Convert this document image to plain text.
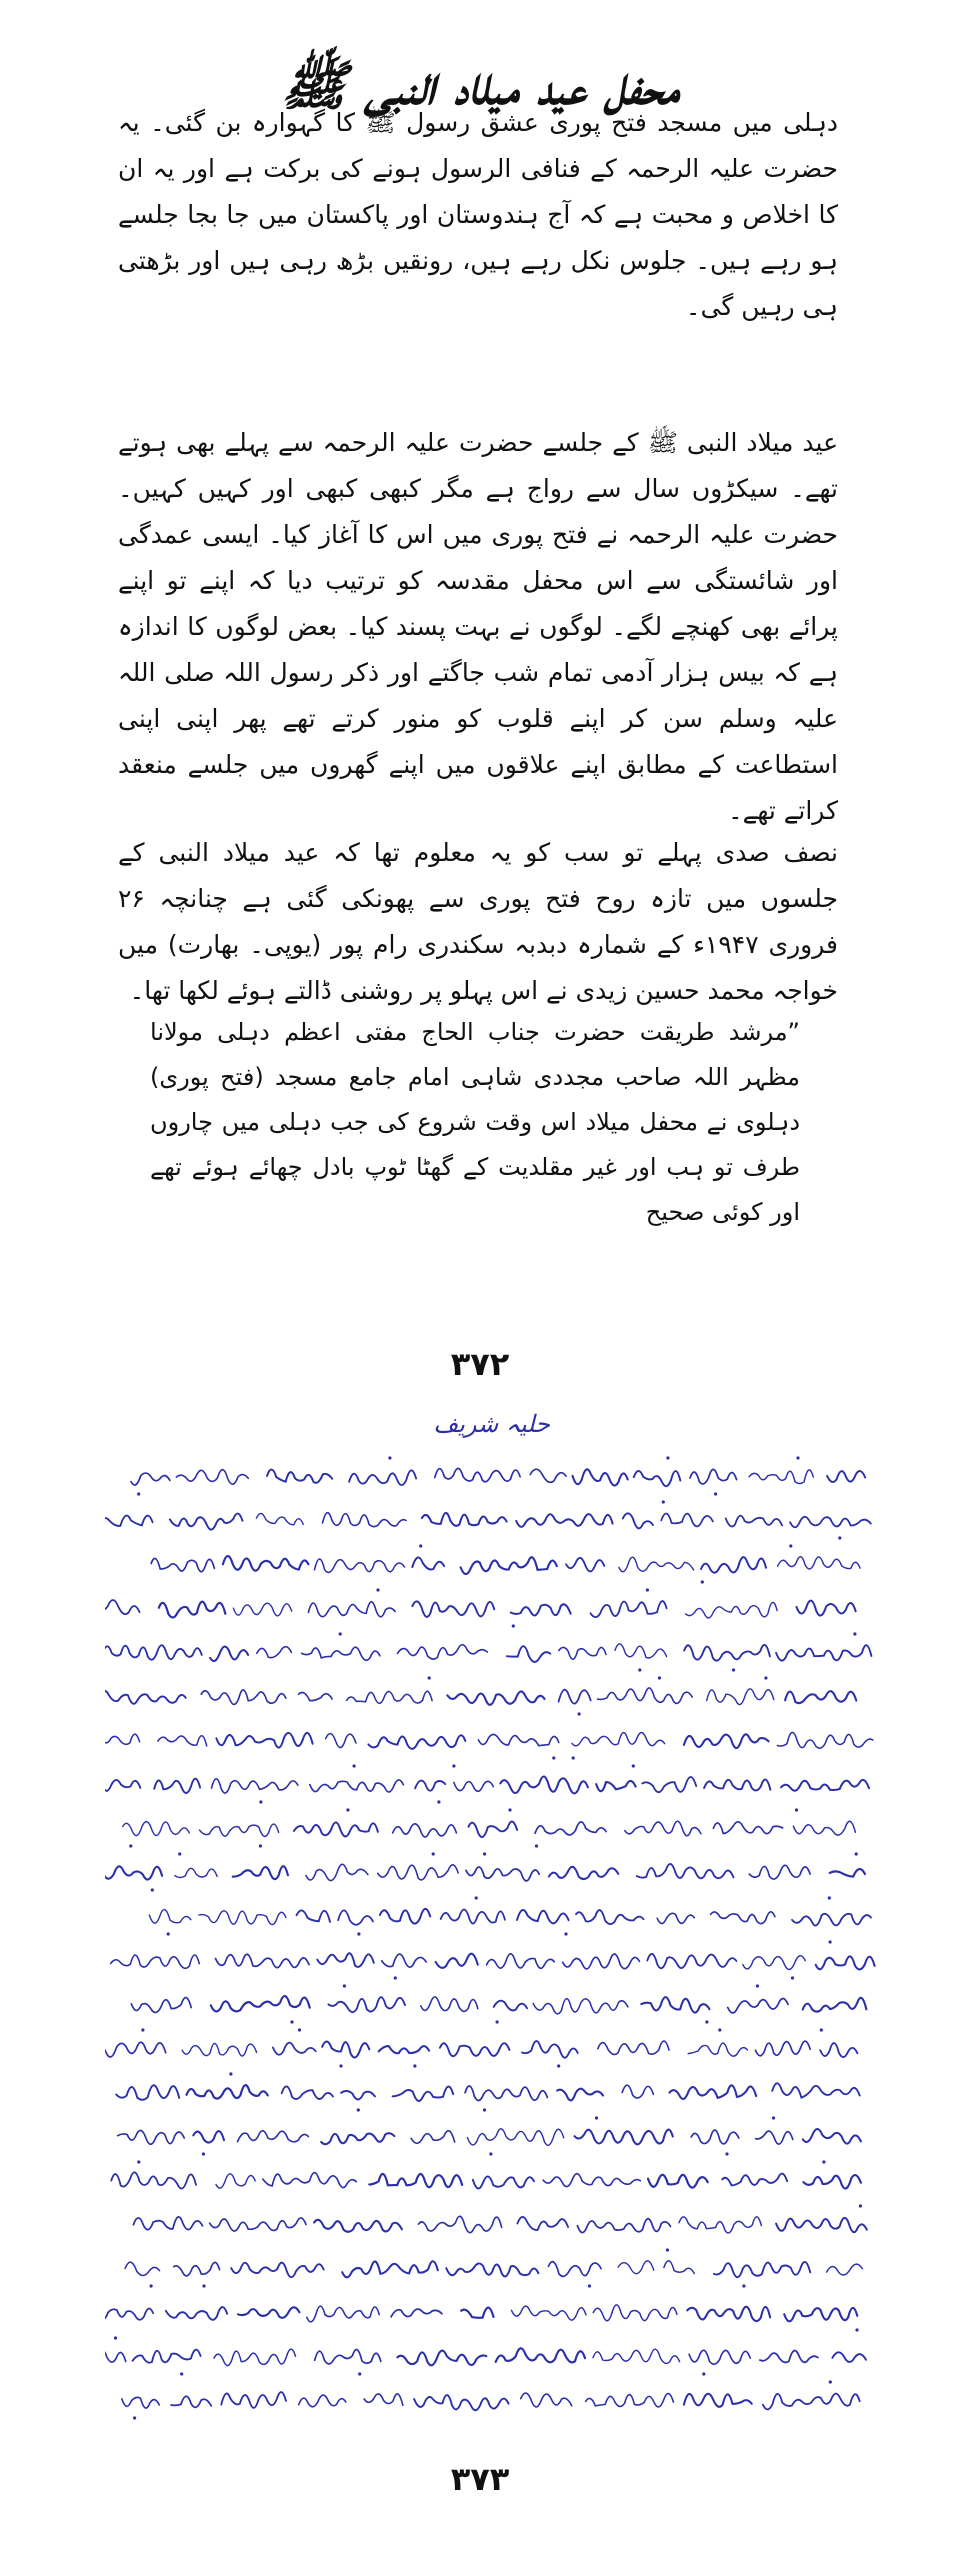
محفل عید میلاد النبی ﷺ

دہلی میں مسجد فتح پوری عشق رسول ﷺ کا گہوارہ بن گئی۔ یہ حضرت علیہ الرحمہ کے فنافی الرسول ہونے کی برکت ہے اور یہ ان کا اخلاص و محبت ہے کہ آج ہندوستان اور پاکستان میں جا بجا جلسے ہو رہے ہیں۔ جلوس نکل رہے ہیں، رونقیں بڑھ رہی ہیں اور بڑھتی ہی رہیں گی۔

عید میلاد النبی ﷺ کے جلسے حضرت علیہ الرحمہ سے پہلے بھی ہوتے تھے۔ سیکڑوں سال سے رواج ہے مگر کبھی کبھی اور کہیں کہیں۔ حضرت علیہ الرحمہ نے فتح پوری میں اس کا آغاز کیا۔ ایسی عمدگی اور شائستگی سے اس محفل مقدسہ کو ترتیب دیا کہ اپنے تو اپنے پرائے بھی کھنچے لگے۔ لوگوں نے بہت پسند کیا۔ بعض لوگوں کا اندازہ ہے کہ بیس ہزار آدمی تمام شب جاگتے اور ذکر رسول اللہ صلی اللہ علیہ وسلم سن کر اپنے قلوب کو منور کرتے تھے پھر اپنی اپنی استطاعت کے مطابق اپنے علاقوں میں اپنے گھروں میں جلسے منعقد کراتے تھے۔

نصف صدی پہلے تو سب کو یہ معلوم تھا کہ عید میلاد النبی کے جلسوں میں تازہ روح فتح پوری سے پھونکی گئی ہے چنانچہ ۲۶ فروری ۱۹۴۷ء کے شمارہ دبدبہ سکندری رام پور (یوپی۔ بھارت) میں خواجہ محمد حسین زیدی نے اس پہلو پر روشنی ڈالتے ہوئے لکھا تھا۔

”مرشد طریقت حضرت جناب الحاج مفتی اعظم دہلی مولانا مظہر اللہ صاحب مجددی شاہی امام جامع مسجد (فتح پوری) دہلوی نے محفل میلاد اس وقت شروع کی جب دہلی میں چاروں طرف تو ہب اور غیر مقلدیت کے گھٹا ٹوپ بادل چھائے ہوئے تھے اور کوئی صحیح

۳۷۲
حلیہ شریف
۳۷۳
